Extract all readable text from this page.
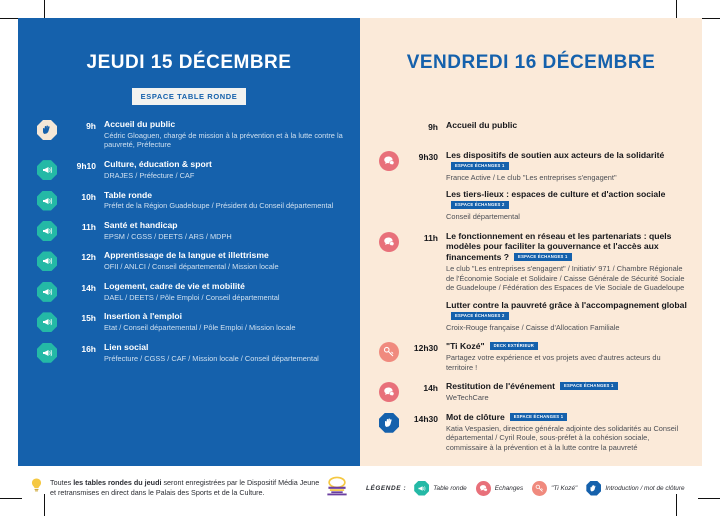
JEUDI 15 DÉCEMBRE
ESPACE TABLE RONDE
9h Accueil du public

Cédric Gloaguen, chargé de mission à la prévention et à la lutte contre la pauvreté, Préfecture

9h10 Culture, éducation & sport

DRAJES / Préfecture / CAF

10h Table ronde

Préfet de la Région Guadeloupe / Président du Conseil départemental

11h Santé et handicap

EPSM / CGSS / DEETS / ARS / MDPH

12h Apprentissage de la langue et illettrisme

OFII / ANLCI / Conseil départemental / Mission locale

14h Logement, cadre de vie et mobilité

DAEL / DEETS / Pôle Emploi / Conseil départemental

15h Insertion à l'emploi

Etat / Conseil départemental / Pôle Emploi / Mission locale

16h Lien social

Préfecture / CGSS / CAF / Mission locale / Conseil départemental

VENDREDI 16 DÉCEMBRE
9h Accueil du public

9h30 Les dispositifs de soutien aux acteurs de la solidaritéESPACE ÉCHANGES 1

France Active / Le club "Les entreprises s'engagent"

Les tiers-lieux : espaces de culture et d'action socialeESPACE ÉCHANGES 2

Conseil départemental

11h Le fonctionnement en réseau et les partenariats : quels modèles pour faciliter la gouvernance et l'accès aux financements ? ESPACE ÉCHANGES 1

Le club "Les entreprises s'engagent" / Initiativ' 971 / Chambre Régionale de l'Économie Sociale et Solidaire / Caisse Générale de Sécurité Sociale de Guadeloupe / Fédération des Espaces de Vie Sociale de Guadeloupe

Lutter contre la pauvreté grâce à l'accompagnement globalESPACE ÉCHANGES 2

Croix-Rouge française / Caisse d'Allocation Familiale

12h30 "Ti Kozé" DECK EXTÉRIEUR

Partagez votre expérience et vos projets avec d'autres acteurs du territoire !

14h Restitution de l'événement ESPACE ÉCHANGES 1

WeTechCare

14h30 Mot de clôture ESPACE ÉCHANGES 1

Katia Vespasien, directrice générale adjointe des solidarités au Conseil départemental / Cyril Roule, sous-préfet à la cohésion sociale, commissaire à la prévention et à la lutte contre la pauvreté

Toutes les tables rondes du jeudi seront enregistrées par le Dispositif Média Jeune et retransmises en direct dans le Palais des Sports et de la Culture.	LÉGENDE :	Table ronde	Echanges	"Ti Kozé"	Introduction / mot de clôture
